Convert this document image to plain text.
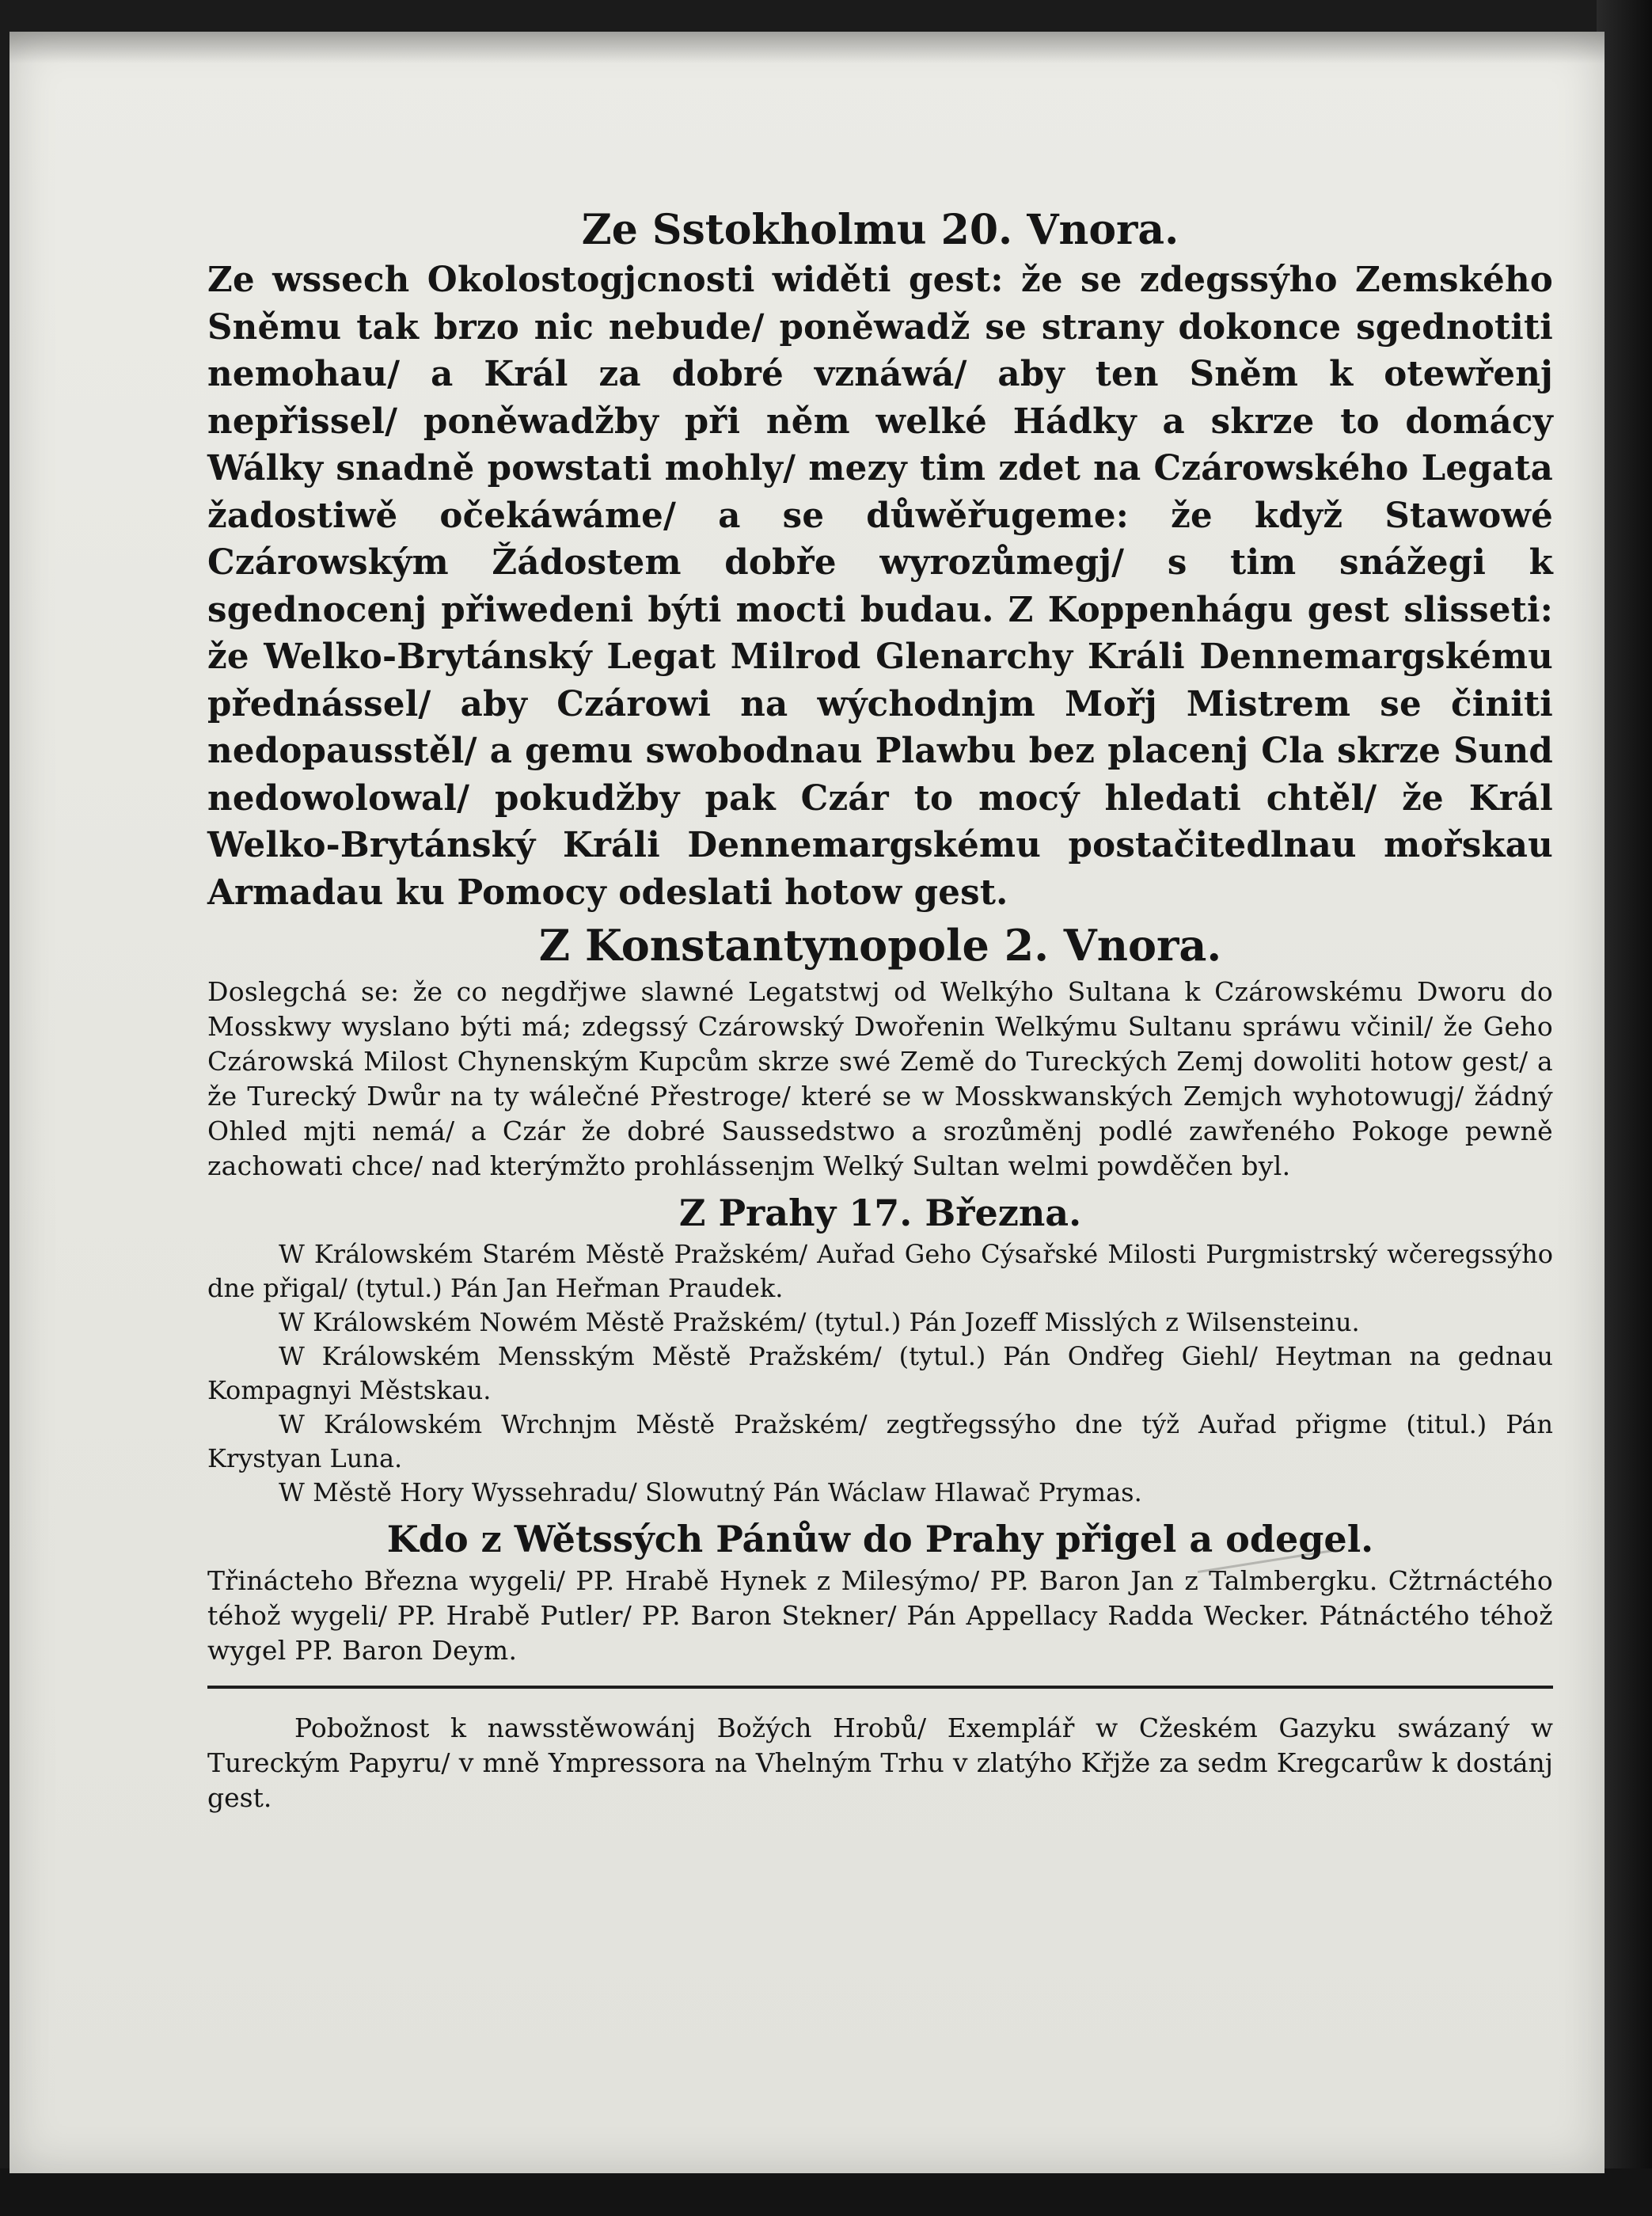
Ze Sstokholmu 20. Vnora.

Ze wssech Okolostogjcnosti widěti gest: že se zdegssýho Zemského Sněmu tak brzo nic nebude/ poněwadž se strany dokonce sgednotiti nemohau/ a Král za dobré vznáwá/ aby ten Sněm k otewřenj nepřissel/ poněwadžby při něm welké Hádky a skrze to domácy Wálky snadně powstati mohly/ mezy tim zdet na Czárowského Legata žadostiwě očekáwáme/ a se důwěřugeme: že když Stawowé Czárowským Žádostem dobře wyrozůmegj/ s tim snážegi k sgednocenj přiwedeni býti mocti budau. Z Koppenhágu gest slisseti: že Welko-Brytánský Legat Milrod Glenarchy Králi Dennemargskému přednássel/ aby Czárowi na wýchodnjm Mořj Mistrem se činiti nedopausstěl/ a gemu swobodnau Plawbu bez placenj Cla skrze Sund nedowolowal/ pokudžby pak Czár to mocý hledati chtěl/ že Král Welko-Brytánský Králi Dennemargskému postačitedlnau mořskau Armadau ku Pomocy odeslati hotow gest.

Z Konstantynopole 2. Vnora.

Doslegchá se: že co negdřjwe slawné Legatstwj od Welkýho Sultana k Czárowskému Dworu do Mosskwy wyslano býti má; zdegssý Czárowský Dwořenin Welkýmu Sultanu spráwu včinil/ že Geho Czárowská Milost Chynenským Kupcům skrze swé Země do Tureckých Zemj dowoliti hotow gest/ a že Turecký Dwůr na ty wálečné Přestroge/ které se w Mosskwanských Zemjch wyhotowugj/ žádný Ohled mjti nemá/ a Czár že dobré Saussedstwo a srozůměnj podlé zawřeného Pokoge pewně zachowati chce/ nad kterýmžto prohlássenjm Welký Sultan welmi powděčen byl.

Z Prahy 17. Března.

W Králowském Starém Městě Pražském/ Auřad Geho Cýsařské Milosti Purgmistrský wčeregssýho dne přigal/ (tytul.) Pán Jan Heřman Praudek.

W Králowském Nowém Městě Pražském/ (tytul.) Pán Jozeff Misslých z Wilsensteinu.

W Králowském Mensským Městě Pražském/ (tytul.) Pán Ondřeg Giehl/ Heytman na gednau Kompagnyi Městskau.

W Králowském Wrchnjm Městě Pražském/ zegtřegssýho dne týž Auřad přigme (titul.) Pán Krystyan Luna.

W Městě Hory Wyssehradu/ Slowutný Pán Wáclaw Hlawač Prymas.

Kdo z Wětssých Pánůw do Prahy přigel a odegel.

Třinácteho Března wygeli/ PP. Hrabě Hynek z Milesýmo/ PP. Baron Jan z Talmbergku. Cžtrnáctého téhož wygeli/ PP. Hrabě Putler/ PP. Baron Stekner/ Pán Appellacy Radda Wecker. Pátnáctého téhož wygel PP. Baron Deym.

Pobožnost k nawsstěwowánj Božých Hrobů/ Exemplář w Cžeském Gazyku swázaný w Tureckým Papyru/ v mně Ympressora na Vhelným Trhu v zlatýho Křjže za sedm Kregcarůw k dostánj gest.
